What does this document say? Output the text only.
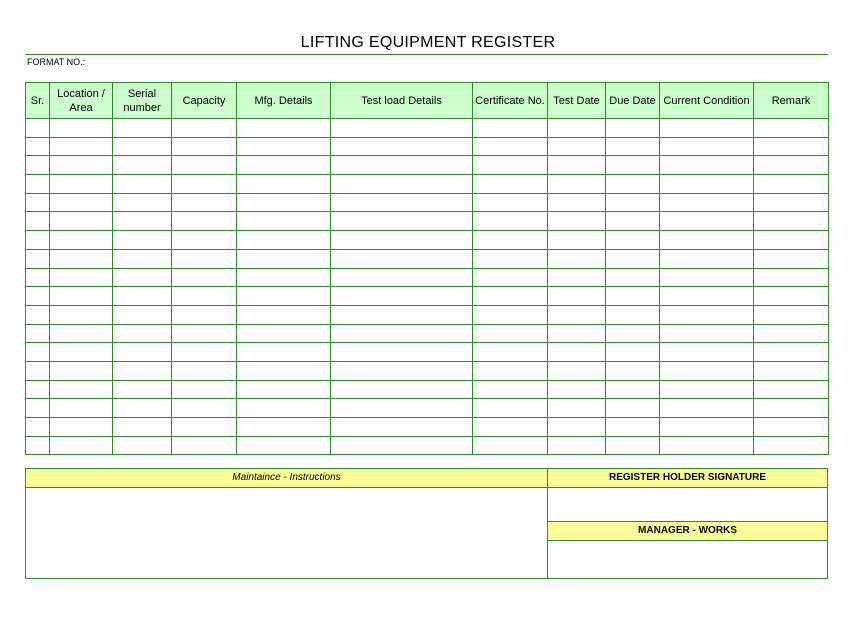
LIFTING EQUIPMENT REGISTER
FORMAT NO.:
Sr.	Location / Area	Serial number	Capacity	Mfg. Details	Test load Details	Certificate No.	Test Date	Due Date	Current Condition	Remark

Maintaince - Instructions	REGISTER HOLDER SIGNATURE
MANAGER - WORKS
